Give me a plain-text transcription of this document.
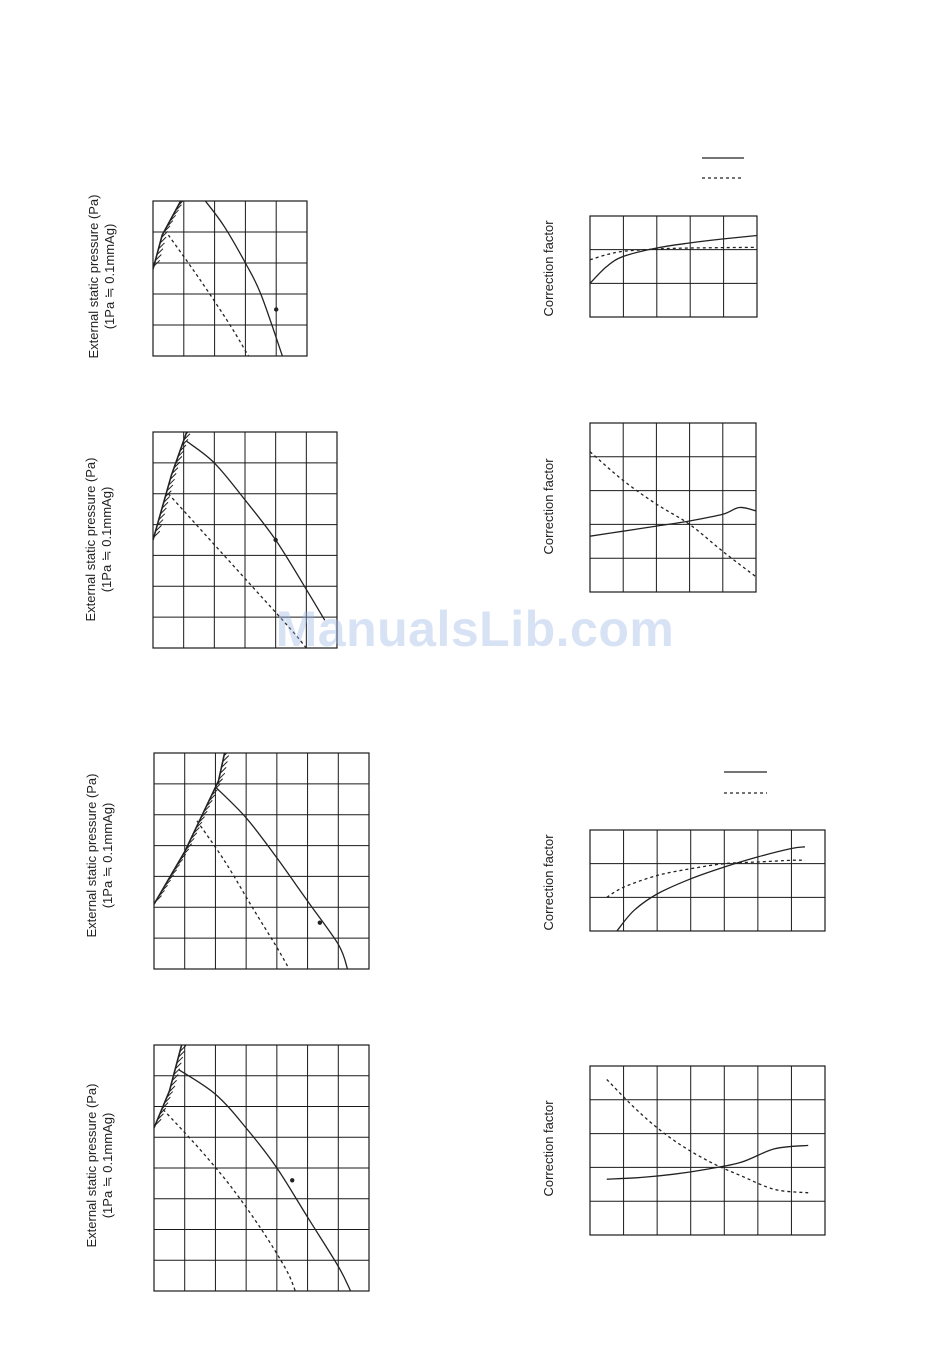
External static pressure (Pa) (1Pa ≒ 0.1mmAg)
External static pressure (Pa) (1Pa ≒ 0.1mmAg)
External static pressure (Pa) (1Pa ≒ 0.1mmAg)
External static pressure (Pa) (1Pa ≒ 0.1mmAg)
Correction factor
Correction factor
Correction factor
Correction factor
ManualsLib.com
